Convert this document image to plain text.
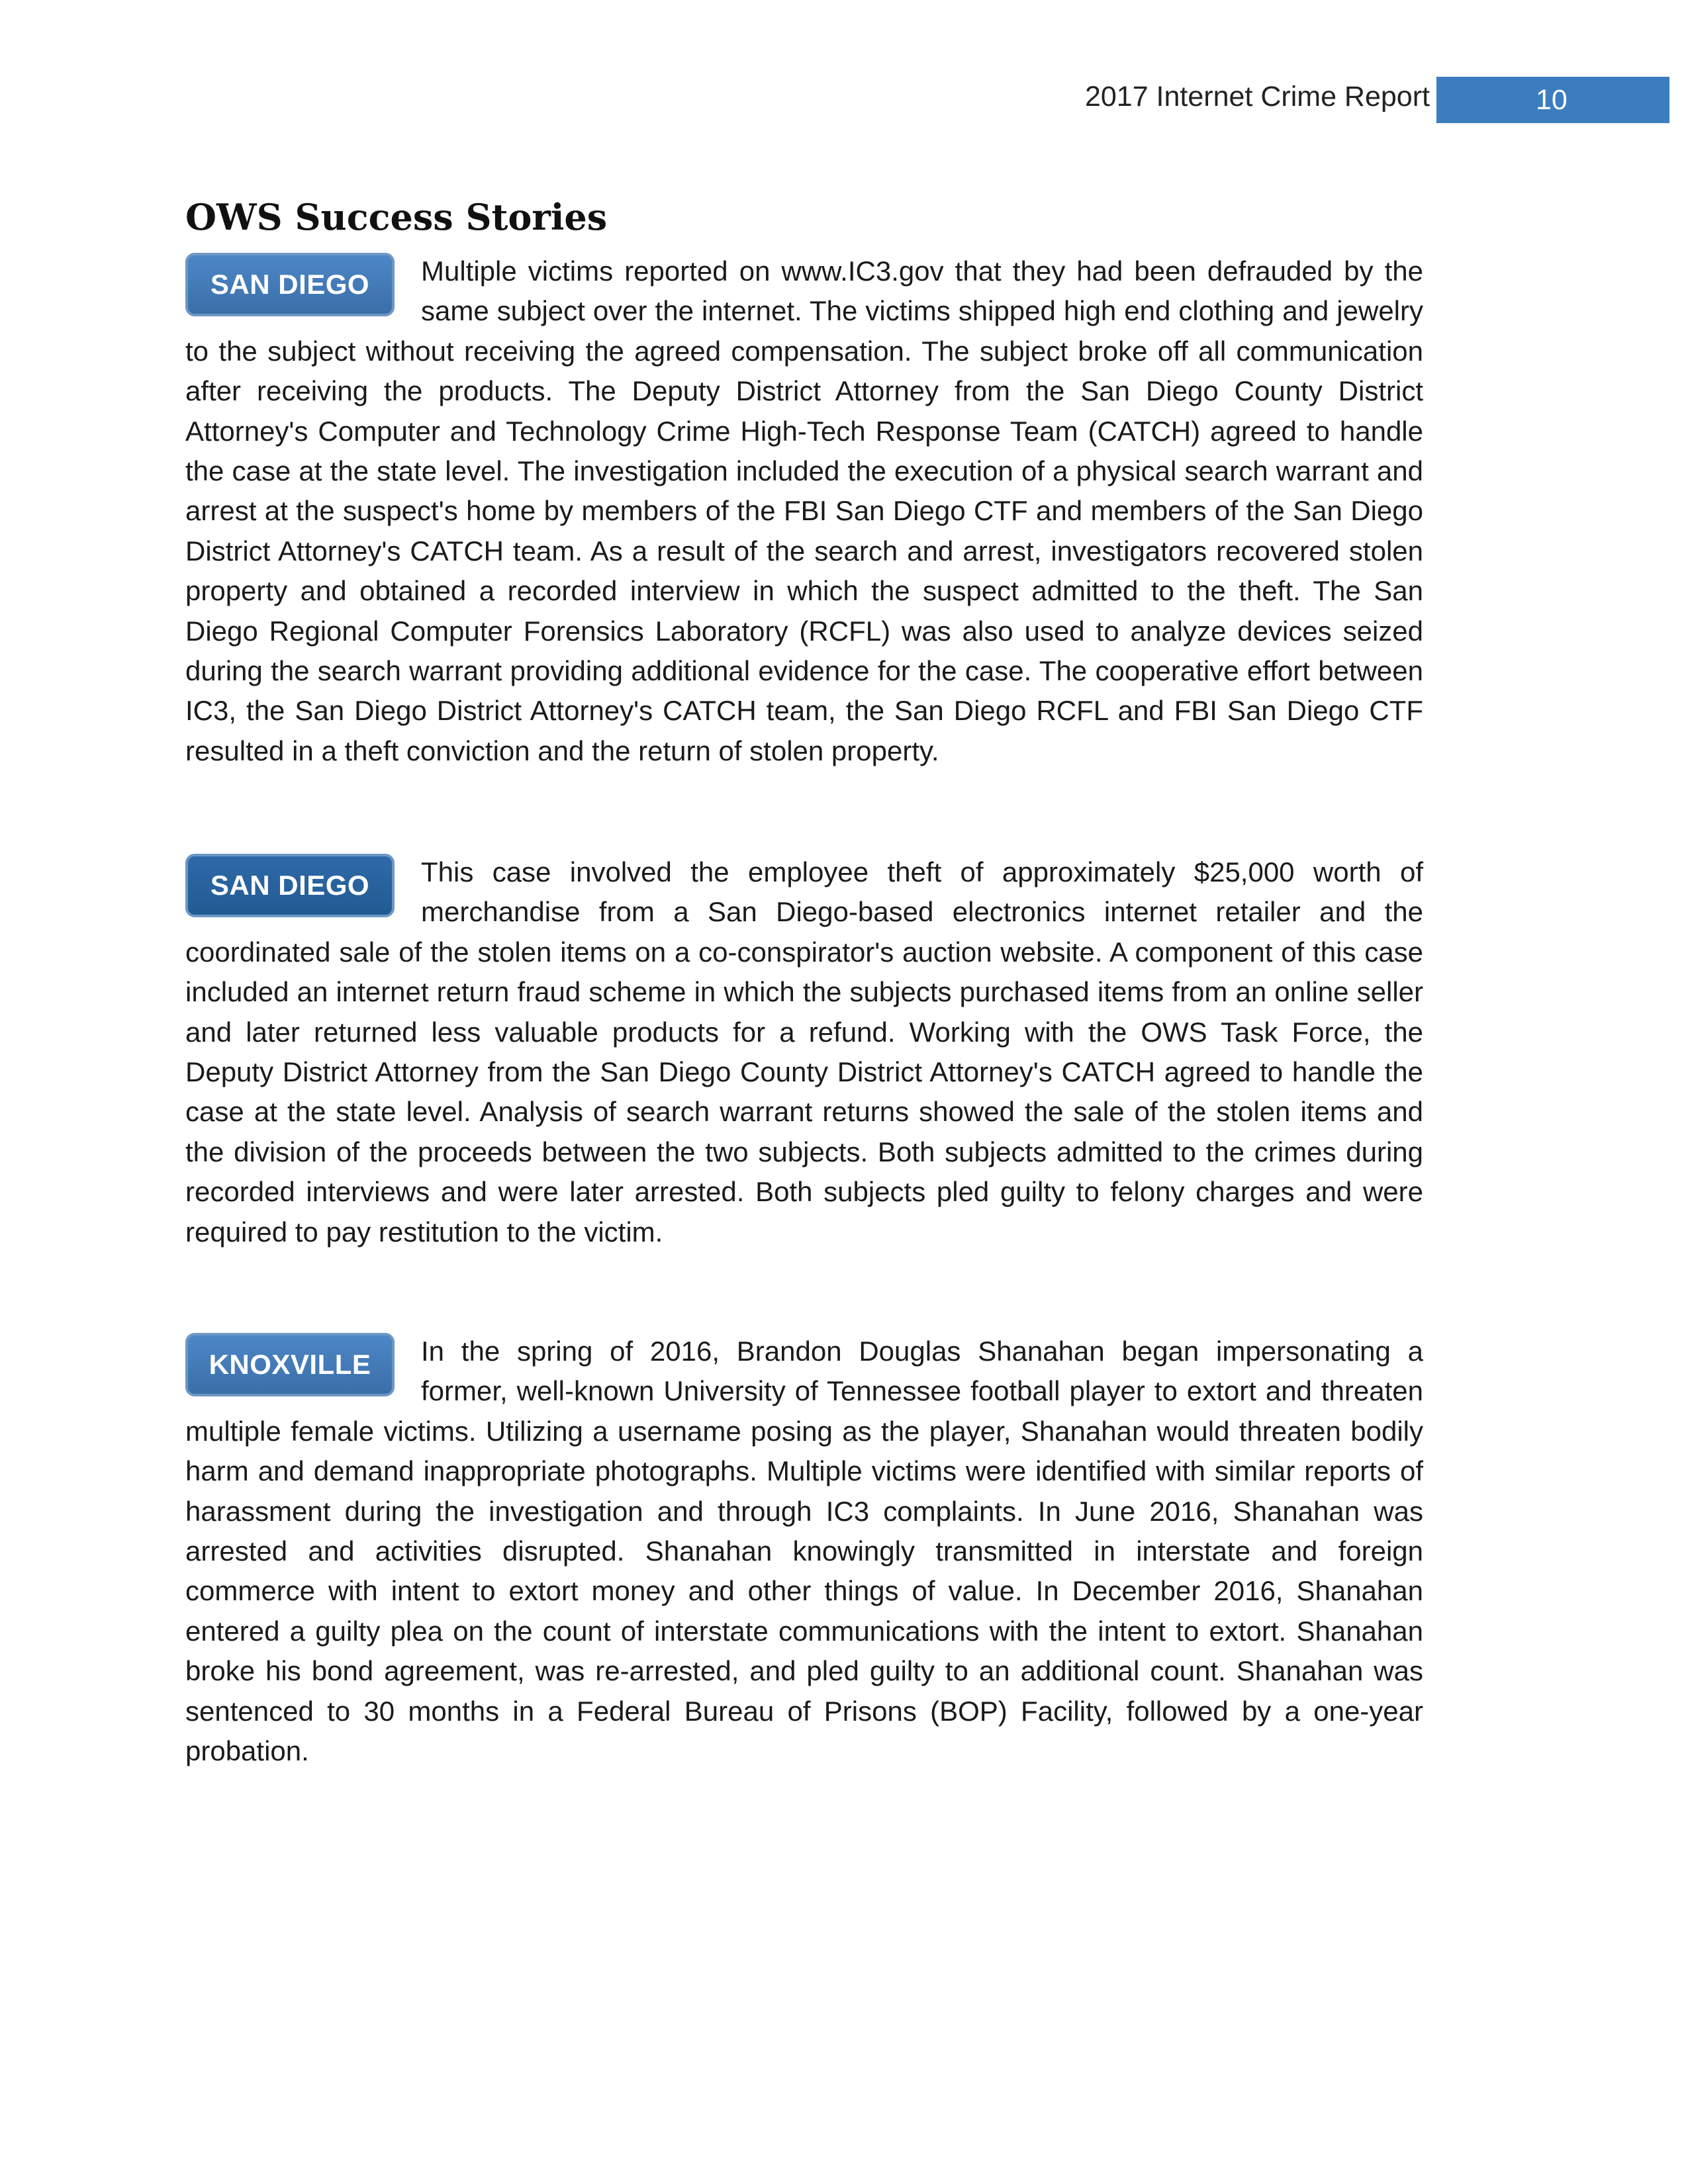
2017 Internet Crime Report	10
OWS Success Stories
SAN DIEGO	Multiple victims reported on www.IC3.gov that they had been defrauded by the same subject over the internet. The victims shipped high end clothing and jewelry to the subject without receiving the agreed compensation. The subject broke off all communication after receiving the products. The Deputy District Attorney from the San Diego County District Attorney's Computer and Technology Crime High-Tech Response Team (CATCH) agreed to handle the case at the state level. The investigation included the execution of a physical search warrant and arrest at the suspect's home by members of the FBI San Diego CTF and members of the San Diego District Attorney's CATCH team. As a result of the search and arrest, investigators recovered stolen property and obtained a recorded interview in which the suspect admitted to the theft. The San Diego Regional Computer Forensics Laboratory (RCFL) was also used to analyze devices seized during the search warrant providing additional evidence for the case. The cooperative effort between IC3, the San Diego District Attorney's CATCH team, the San Diego RCFL and FBI San Diego CTF resulted in a theft conviction and the return of stolen property.

SAN DIEGO	This case involved the employee theft of approximately $25,000 worth of merchandise from a San Diego-based electronics internet retailer and the coordinated sale of the stolen items on a co-conspirator's auction website. A component of this case included an internet return fraud scheme in which the subjects purchased items from an online seller and later returned less valuable products for a refund. Working with the OWS Task Force, the Deputy District Attorney from the San Diego County District Attorney's CATCH agreed to handle the case at the state level. Analysis of search warrant returns showed the sale of the stolen items and the division of the proceeds between the two subjects. Both subjects admitted to the crimes during recorded interviews and were later arrested. Both subjects pled guilty to felony charges and were required to pay restitution to the victim.

KNOXVILLE	In the spring of 2016, Brandon Douglas Shanahan began impersonating a former, well-known University of Tennessee football player to extort and threaten multiple female victims. Utilizing a username posing as the player, Shanahan would threaten bodily harm and demand inappropriate photographs. Multiple victims were identified with similar reports of harassment during the investigation and through IC3 complaints. In June 2016, Shanahan was arrested and activities disrupted. Shanahan knowingly transmitted in interstate and foreign commerce with intent to extort money and other things of value. In December 2016, Shanahan entered a guilty plea on the count of interstate communications with the intent to extort. Shanahan broke his bond agreement, was re-arrested, and pled guilty to an additional count. Shanahan was sentenced to 30 months in a Federal Bureau of Prisons (BOP) Facility, followed by a one-year probation.
